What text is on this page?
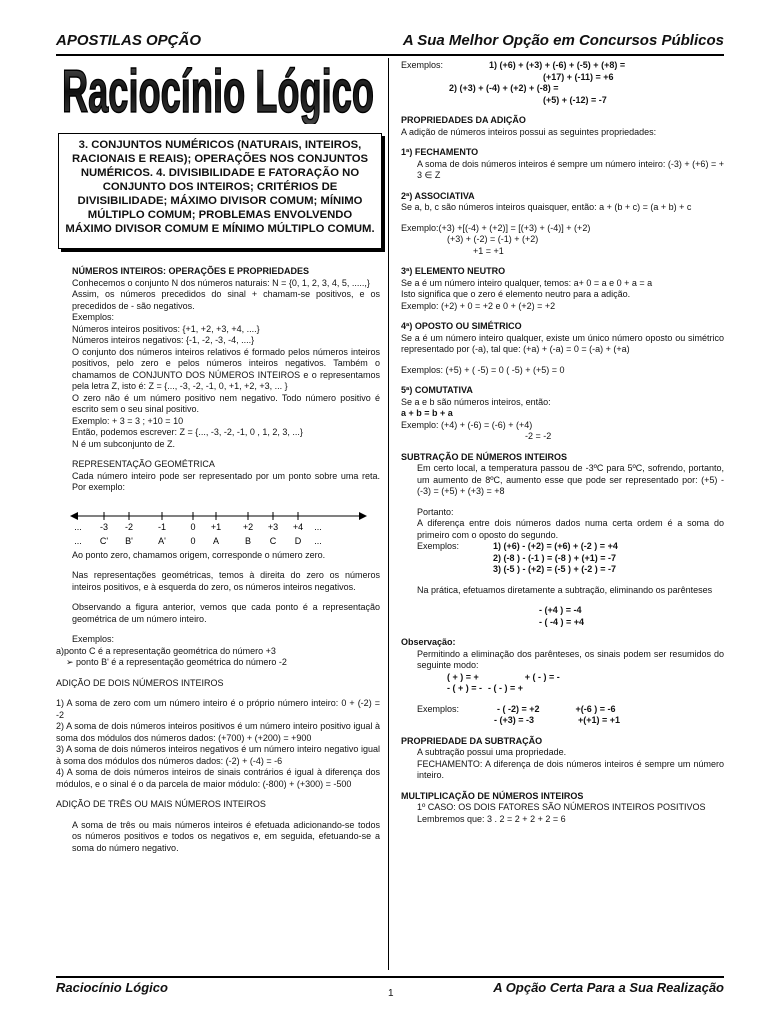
APOSTILAS OPÇÃO	A Sua Melhor Opção em Concursos Públicos
Raciocínio Lógico
3. CONJUNTOS NUMÉRICOS (NATURAIS, INTEIROS, RACIONAIS E REAIS); OPERAÇÕES NOS CONJUNTOS NUMÉRICOS. 4. DIVISIBILIDADE E FATORAÇÃO NO CONJUNTO DOS INTEIROS; CRITÉRIOS DE DIVISIBILIDADE; MÁXIMO DIVISOR COMUM; MÍNIMO MÚLTIPLO COMUM; PROBLEMAS ENVOLVENDO MÁXIMO DIVISOR COMUM E MÍNIMO MÚLTIPLO COMUM.

NÚMEROS INTEIROS: OPERAÇÕES E PROPRIEDADES

Conhecemos o conjunto N dos números naturais: N = {0, 1, 2, 3, 4, 5, .....,}

Assim, os números precedidos do sinal + chamam-se positivos, e os precedidos de - são negativos.

Exemplos:

Números inteiros positivos: {+1, +2, +3, +4, ....}

Números inteiros negativos: {-1, -2, -3, -4, ....}

O conjunto dos números inteiros relativos é formado pelos números inteiros positivos, pelo zero e pelos números inteiros negativos. Também o chamamos de CONJUNTO DOS NÚMEROS INTEIROS e o representamos pela letra Z, isto é: Z = {..., -3, -2, -1, 0, +1, +2, +3, ... }

O zero não é um número positivo nem negativo. Todo número positivo é escrito sem o seu sinal positivo.

Exemplo: + 3 = 3 ; +10 = 10

Então, podemos escrever: Z = {..., -3, -2, -1, 0 , 1, 2, 3, ...}

N é um subconjunto de Z.

REPRESENTAÇÃO GEOMÉTRICA

Cada número inteiro pode ser representado por um ponto sobre uma reta. Por exemplo:

... -3 -2	-1	0 +1 +2 +3 +4 ...
... C' B'	A'	0 A	B C D ...

Ao ponto zero, chamamos origem, corresponde o número zero.

Nas representações geométricas, temos à direita do zero os números inteiros positivos, e à esquerda do zero, os números inteiros negativos.

Observando a figura anterior, vemos que cada ponto é a representação geométrica de um número inteiro.

Exemplos:

a)ponto C é a representação geométrica do número +3

➢ ponto B' é a representação geométrica do número -2

ADIÇÃO DE DOIS NÚMEROS INTEIROS

1) A soma de zero com um número inteiro é o próprio número inteiro: 0 + (-2) = -2

2) A soma de dois números inteiros positivos é um número inteiro positivo igual à soma dos módulos dos números dados: (+700) + (+200) = +900

3) A soma de dois números inteiros negativos é um número inteiro negativo igual à soma dos módulos dos números dados: (-2) + (-4) = -6

4) A soma de dois números inteiros de sinais contrários é igual à diferença dos módulos, e o sinal é o da parcela de maior módulo: (-800) + (+300) = -500

ADIÇÃO DE TRÊS OU MAIS NÚMEROS INTEIROS

A soma de três ou mais números inteiros é efetuada adicionando-se todos os números positivos e todos os negativos e, em seguida, efetuando-se a soma do número negativo.

Exemplos:	1) (+6) + (+3) + (-6) + (-5) + (+8) =

(+17) + (-11) = +6

2) (+3) + (-4) + (+2) + (-8) =

(+5) + (-12) = -7

PROPRIEDADES DA ADIÇÃO

A adição de números inteiros possui as seguintes propriedades:

1ª) FECHAMENTO

A soma de dois números inteiros é sempre um número inteiro: (-3) + (+6) = + 3 ∈ Z

2ª) ASSOCIATIVA

Se a, b, c são números inteiros quaisquer, então: a + (b + c) = (a + b) + c

Exemplo:(+3) +[(-4) + (+2)] = [(+3) + (-4)] + (+2)

(+3) + (-2) = (-1) + (+2)

+1 = +1

3ª) ELEMENTO NEUTRO

Se a é um número inteiro qualquer, temos: a+ 0 = a e 0 + a = a

Isto significa que o zero é elemento neutro para a adição.

Exemplo: (+2) + 0 = +2 e 0 + (+2) = +2

4ª) OPOSTO OU SIMÉTRICO

Se a é um número inteiro qualquer, existe um único número oposto ou simétrico representado por (-a), tal que: (+a) + (-a) = 0 = (-a) + (+a)

Exemplos: (+5) + ( -5) = 0 ( -5) + (+5) = 0

5ª) COMUTATIVA

Se a e b são números inteiros, então:

a + b = b + a

Exemplo: (+4) + (-6) = (-6) + (+4)

-2 = -2

SUBTRAÇÃO DE NÚMEROS INTEIROS

Em certo local, a temperatura passou de -3ºC para 5ºC, sofrendo, portanto, um aumento de 8ºC, aumento esse que pode ser representado por: (+5) - (-3) = (+5) + (+3) = +8

Portanto:

A diferença entre dois números dados numa certa ordem é a soma do primeiro com o oposto do segundo.

Exemplos:	1) (+6) - (+2) = (+6) + (-2 ) = +4

2) (-8 ) - (-1 ) = (-8 ) + (+1) = -7

3) (-5 ) - (+2) = (-5 ) + (-2 ) = -7

Na prática, efetuamos diretamente a subtração, eliminando os parênteses

- (+4 ) = -4

- ( -4 ) = +4

Observação:

Permitindo a eliminação dos parênteses, os sinais podem ser resumidos do seguinte modo:

( + ) = +	+ ( - ) = -

- ( + ) = - - ( - ) = +

Exemplos:	- ( -2) = +2	+(-6 ) = -6

- (+3) = -3	+(+1) = +1

PROPRIEDADE DA SUBTRAÇÃO

A subtração possui uma propriedade.

FECHAMENTO: A diferença de dois números inteiros é sempre um número inteiro.

MULTIPLICAÇÃO DE NÚMEROS INTEIROS

1º CASO: OS DOIS FATORES SÃO NÚMEROS INTEIROS POSITIVOS

Lembremos que: 3 . 2 = 2 + 2 + 2 = 6

Raciocínio Lógico	1	A Opção Certa Para a Sua Realização
